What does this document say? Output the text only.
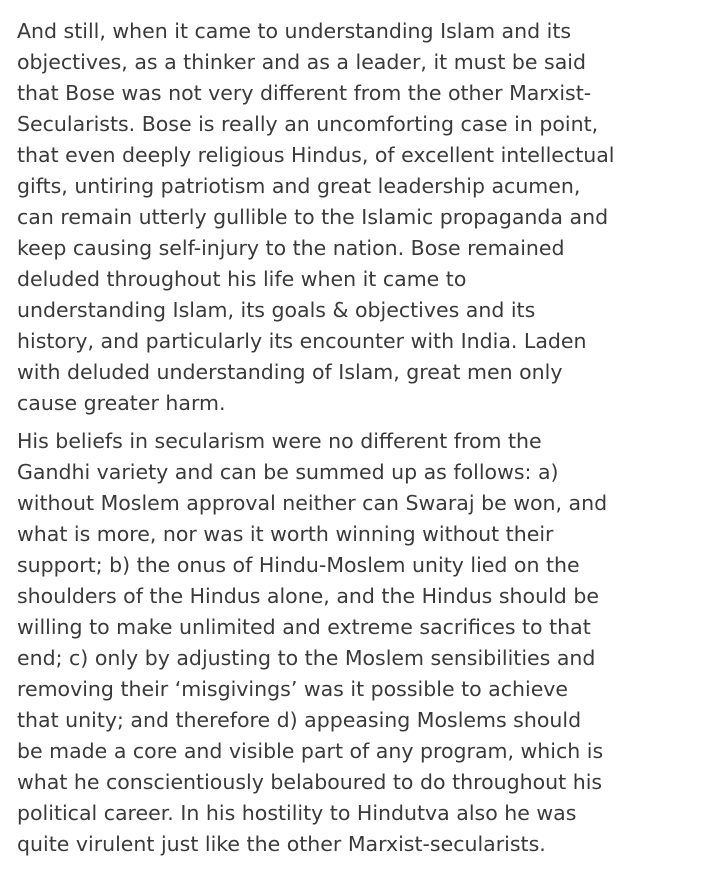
And still, when it came to understanding Islam and its
objectives, as a thinker and as a leader, it must be said
that Bose was not very different from the other Marxist-
Secularists. Bose is really an uncomforting case in point,
that even deeply religious Hindus, of excellent intellectual
gifts, untiring patriotism and great leadership acumen,
can remain utterly gullible to the Islamic propaganda and
keep causing self-injury to the nation. Bose remained
deluded throughout his life when it came to
understanding Islam, its goals & objectives and its
history, and particularly its encounter with India. Laden
with deluded understanding of Islam, great men only
cause greater harm.

His beliefs in secularism were no different from the
Gandhi variety and can be summed up as follows: a)
without Moslem approval neither can Swaraj be won, and
what is more, nor was it worth winning without their
support; b) the onus of Hindu-Moslem unity lied on the
shoulders of the Hindus alone, and the Hindus should be
willing to make unlimited and extreme sacrifices to that
end; c) only by adjusting to the Moslem sensibilities and
removing their ‘misgivings’ was it possible to achieve
that unity; and therefore d) appeasing Moslems should
be made a core and visible part of any program, which is
what he conscientiously belaboured to do throughout his
political career. In his hostility to Hindutva also he was
quite virulent just like the other Marxist-secularists.
